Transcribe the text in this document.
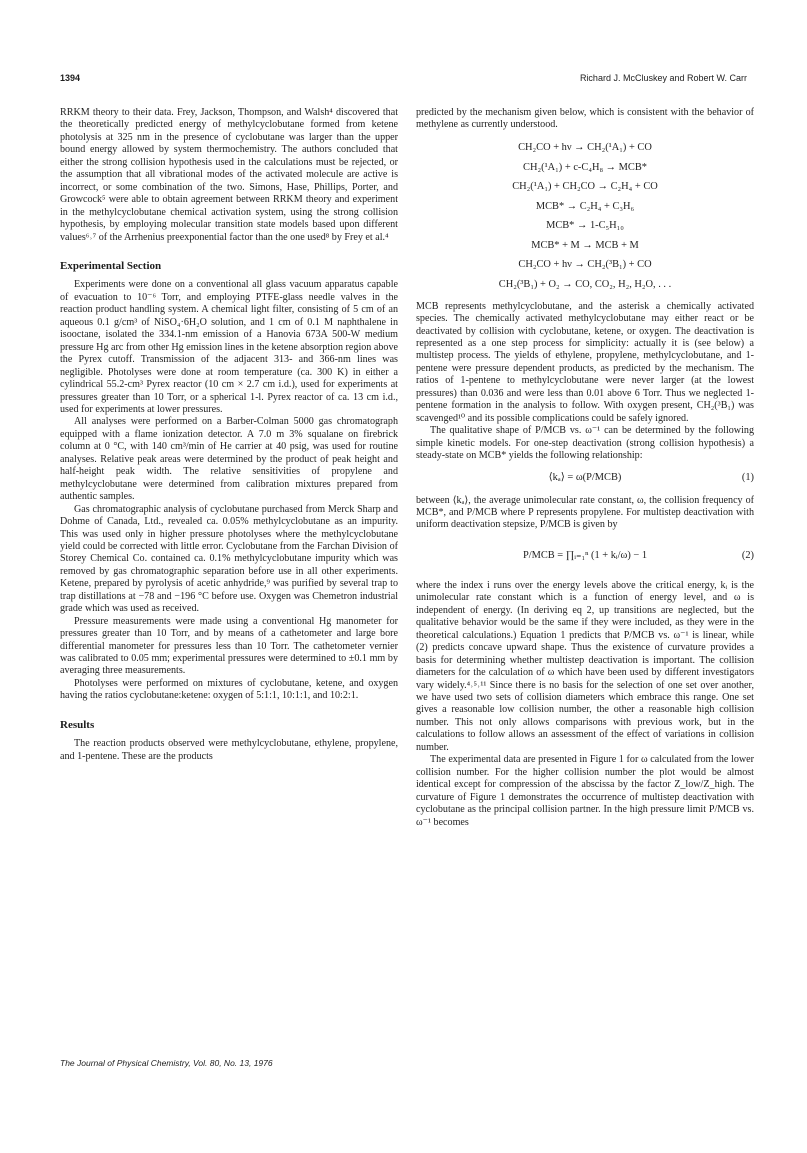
1394	Richard J. McCluskey and Robert W. Carr

RRKM theory to their data. Frey, Jackson, Thompson, and Walsh⁴ discovered that the theoretically predicted energy of methylcyclobutane formed from ketene photolysis at 325 nm in the presence of cyclobutane was larger than the upper bound energy allowed by system thermochemistry. The authors concluded that either the strong collision hypothesis used in the calculations must be rejected, or the assumption that all vibrational modes of the activated molecule are active is incorrect, or some combination of the two. Simons, Hase, Phillips, Porter, and Growcock⁵ were able to obtain agreement between RRKM theory and experiment in the methylcyclobutane chemical activation system, using the strong collision hypothesis, by employing molecular transition state models based upon different values⁶˒⁷ of the Arrhenius preexponential factor than the one used⁸ by Frey et al.⁴

Experimental Section

Experiments were done on a conventional all glass vacuum apparatus capable of evacuation to 10⁻⁶ Torr, and employing PTFE-glass needle valves in the reaction product handling system. A chemical light filter, consisting of 5 cm of an aqueous 0.1 g/cm³ of NiSO₄·6H₂O solution, and 1 cm of 0.1 M naphthalene in isooctane, isolated the 334.1-nm emission of a Hanovia 673A 500-W medium pressure Hg arc from other Hg emission lines in the ketene absorption region above the Pyrex cutoff. Transmission of the adjacent 313- and 366-nm lines was negligible. Photolyses were done at room temperature (ca. 300 K) in either a cylindrical 55.2-cm³ Pyrex reactor (10 cm × 2.7 cm i.d.), used for experiments at pressures greater than 10 Torr, or a spherical 1-l. Pyrex reactor of ca. 13 cm i.d., used for experiments at lower pressures.

All analyses were performed on a Barber-Colman 5000 gas chromatograph equipped with a flame ionization detector. A 7.0 m 3% squalane on firebrick column at 0 °C, with 140 cm³/min of He carrier at 40 psig, was used for routine analyses. Relative peak areas were determined by the product of peak height and half-height peak width. The relative sensitivities of propylene and methylcyclobutane were determined from calibration mixtures prepared from authentic samples.

Gas chromatographic analysis of cyclobutane purchased from Merck Sharp and Dohme of Canada, Ltd., revealed ca. 0.05% methylcyclobutane as an impurity. This was used only in higher pressure photolyses where the methylcyclobutane yield could be corrected with little error. Cyclobutane from the Farchan Division of Storey Chemical Co. contained ca. 0.1% methylcyclobutane impurity which was removed by gas chromatographic separation before use in all other experiments. Ketene, prepared by pyrolysis of acetic anhydride,⁹ was purified by several trap to trap distillations at −78 and −196 °C before use. Oxygen was Chemetron industrial grade which was used as received.

Pressure measurements were made using a conventional Hg manometer for pressures greater than 10 Torr, and by means of a cathetometer and large bore differential manometer for pressures less than 10 Torr. The cathetometer vernier was calibrated to 0.05 mm; experimental pressures were determined to ±0.1 mm by averaging three measurements.

Photolyses were performed on mixtures of cyclobutane, ketene, and oxygen having the ratios cyclobutane:ketene: oxygen of 5:1:1, 10:1:1, and 10:2:1.

Results

The reaction products observed were methylcyclobutane, ethylene, propylene, and 1-pentene. These are the products

predicted by the mechanism given below, which is consistent with the behavior of methylene as currently understood.

CH₂CO + hν → CH₂(¹A₁) + CO
CH₂(¹A₁) + c-C₄H₈ → MCB*
CH₂(¹A₁) + CH₂CO → C₂H₄ + CO
MCB* → C₂H₄ + C₃H₆
MCB* → 1-C₅H₁₀
MCB* + M → MCB + M
CH₂CO + hν → CH₂(³B₁) + CO
CH₂(³B₁) + O₂ → CO, CO₂, H₂, H₂O, . . .

MCB represents methylcyclobutane, and the asterisk a chemically activated species. The chemically activated methylcyclobutane may either react or be deactivated by collision with cyclobutane, ketene, or oxygen. The deactivation is represented as a one step process for simplicity: actually it is (see below) a multistep process. The yields of ethylene, propylene, methylcyclobutane, and 1-pentene were pressure dependent products, as predicted by the mechanism. The ratios of 1-pentene to methylcyclobutane were never larger (at the lowest pressures) than 0.036 and were less than 0.01 above 6 Torr. Thus we neglected 1-pentene formation in the analysis to follow. With oxygen present, CH₂(³B₁) was scavenged¹⁰ and its possible complications could be safely ignored.

The qualitative shape of P/MCB vs. ω⁻¹ can be determined by the following simple kinetic models. For one-step deactivation (strong collision hypothesis) a steady-state on MCB* yields the following relationship:

⟨kₐ⟩ = ω(P/MCB)	(1)

between ⟨kₐ⟩, the average unimolecular rate constant, ω, the collision frequency of MCB*, and P/MCB where P represents propylene. For multistep deactivation with uniform deactivation stepsize, P/MCB is given by

P/MCB = ∏ᵢ₌₁ⁿ (1 + kᵢ/ω) − 1	(2)

where the index i runs over the energy levels above the critical energy, kᵢ is the unimolecular rate constant which is a function of energy level, and ω is independent of energy. (In deriving eq 2, up transitions are neglected, but the qualitative behavior would be the same if they were included, as they were in the theoretical calculations.) Equation 1 predicts that P/MCB vs. ω⁻¹ is linear, while (2) predicts concave upward shape. Thus the existence of curvature provides a basis for determining whether multistep deactivation is important. The collision diameters for the calculation of ω which have been used by different investigators vary widely.⁴˒⁵˒¹¹ Since there is no basis for the selection of one set over another, we have used two sets of collision diameters which embrace this range. One set gives a reasonable low collision number, the other a reasonable high collision number. This not only allows comparisons with previous work, but in the calculations to follow allows an assessment of the effect of variations in collision number.

The experimental data are presented in Figure 1 for ω calculated from the lower collision number. For the higher collision number the plot would be almost identical except for compression of the abscissa by the factor Z_low/Z_high. The curvature of Figure 1 demonstrates the occurrence of multistep deactivation with cyclobutane as the principal collision partner. In the high pressure limit P/MCB vs. ω⁻¹ becomes

The Journal of Physical Chemistry, Vol. 80, No. 13, 1976
